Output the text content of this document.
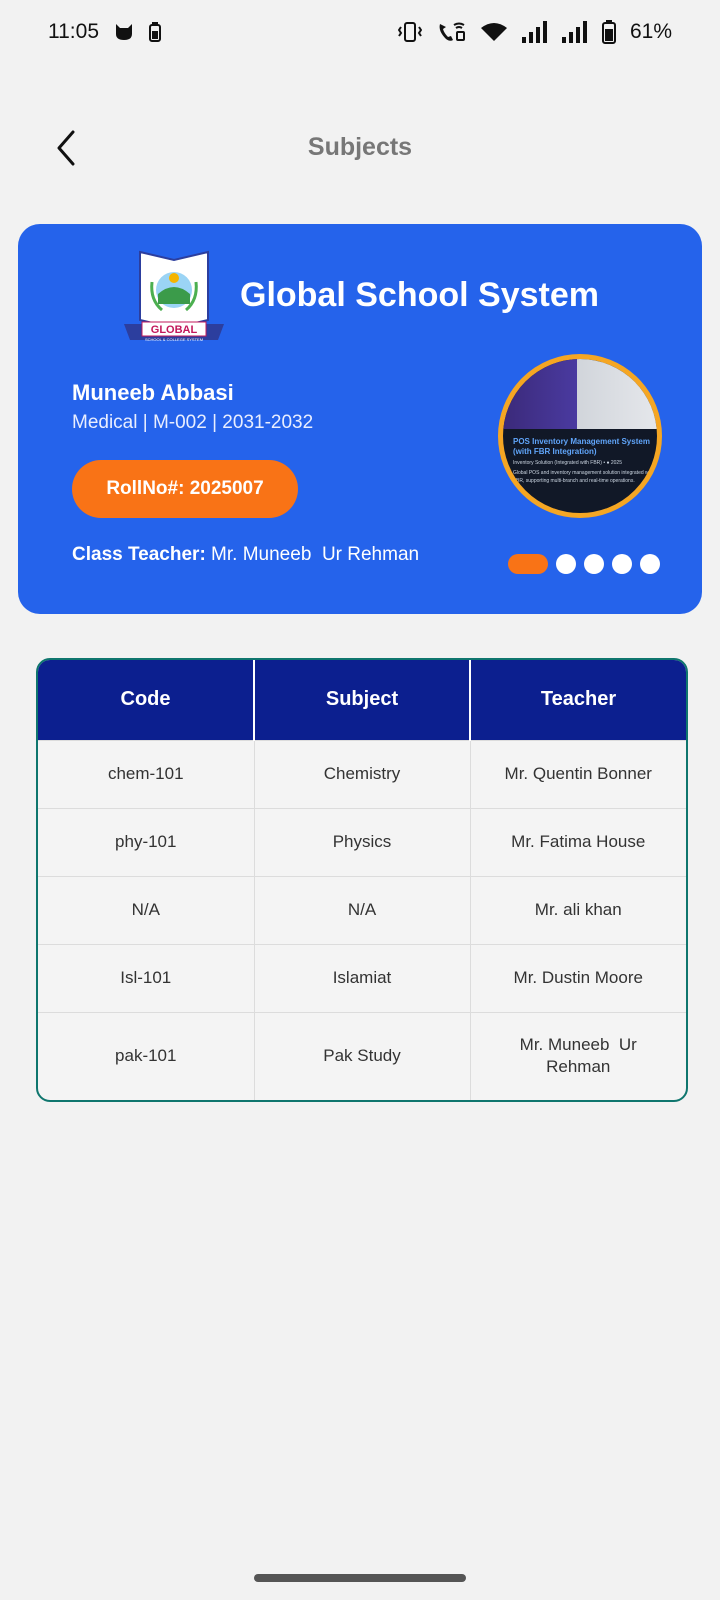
11:05	61%
Subjects
GLOBAL
SCHOOL & COLLEGE SYSTEM
Global School System
Muneeb Abbasi
Medical | M-002 | 2031-2032
RollNo#: 2025007
Class Teacher: Mr. Muneeb  Ur Rehman
POS Inventory Management System (with FBR Integration)
Inventory Solution (Integrated with FBR) • ● 2025
Global POS and inventory management solution integrated with FBR, supporting multi-branch and real-time operations.
Code	Subject	Teacher
chem-101	Chemistry	Mr. Quentin Bonner
phy-101	Physics	Mr. Fatima House
N/A	N/A	Mr. ali khan
Isl-101	Islamiat	Mr. Dustin Moore
pak-101	Pak Study	Mr. Muneeb  Ur Rehman
